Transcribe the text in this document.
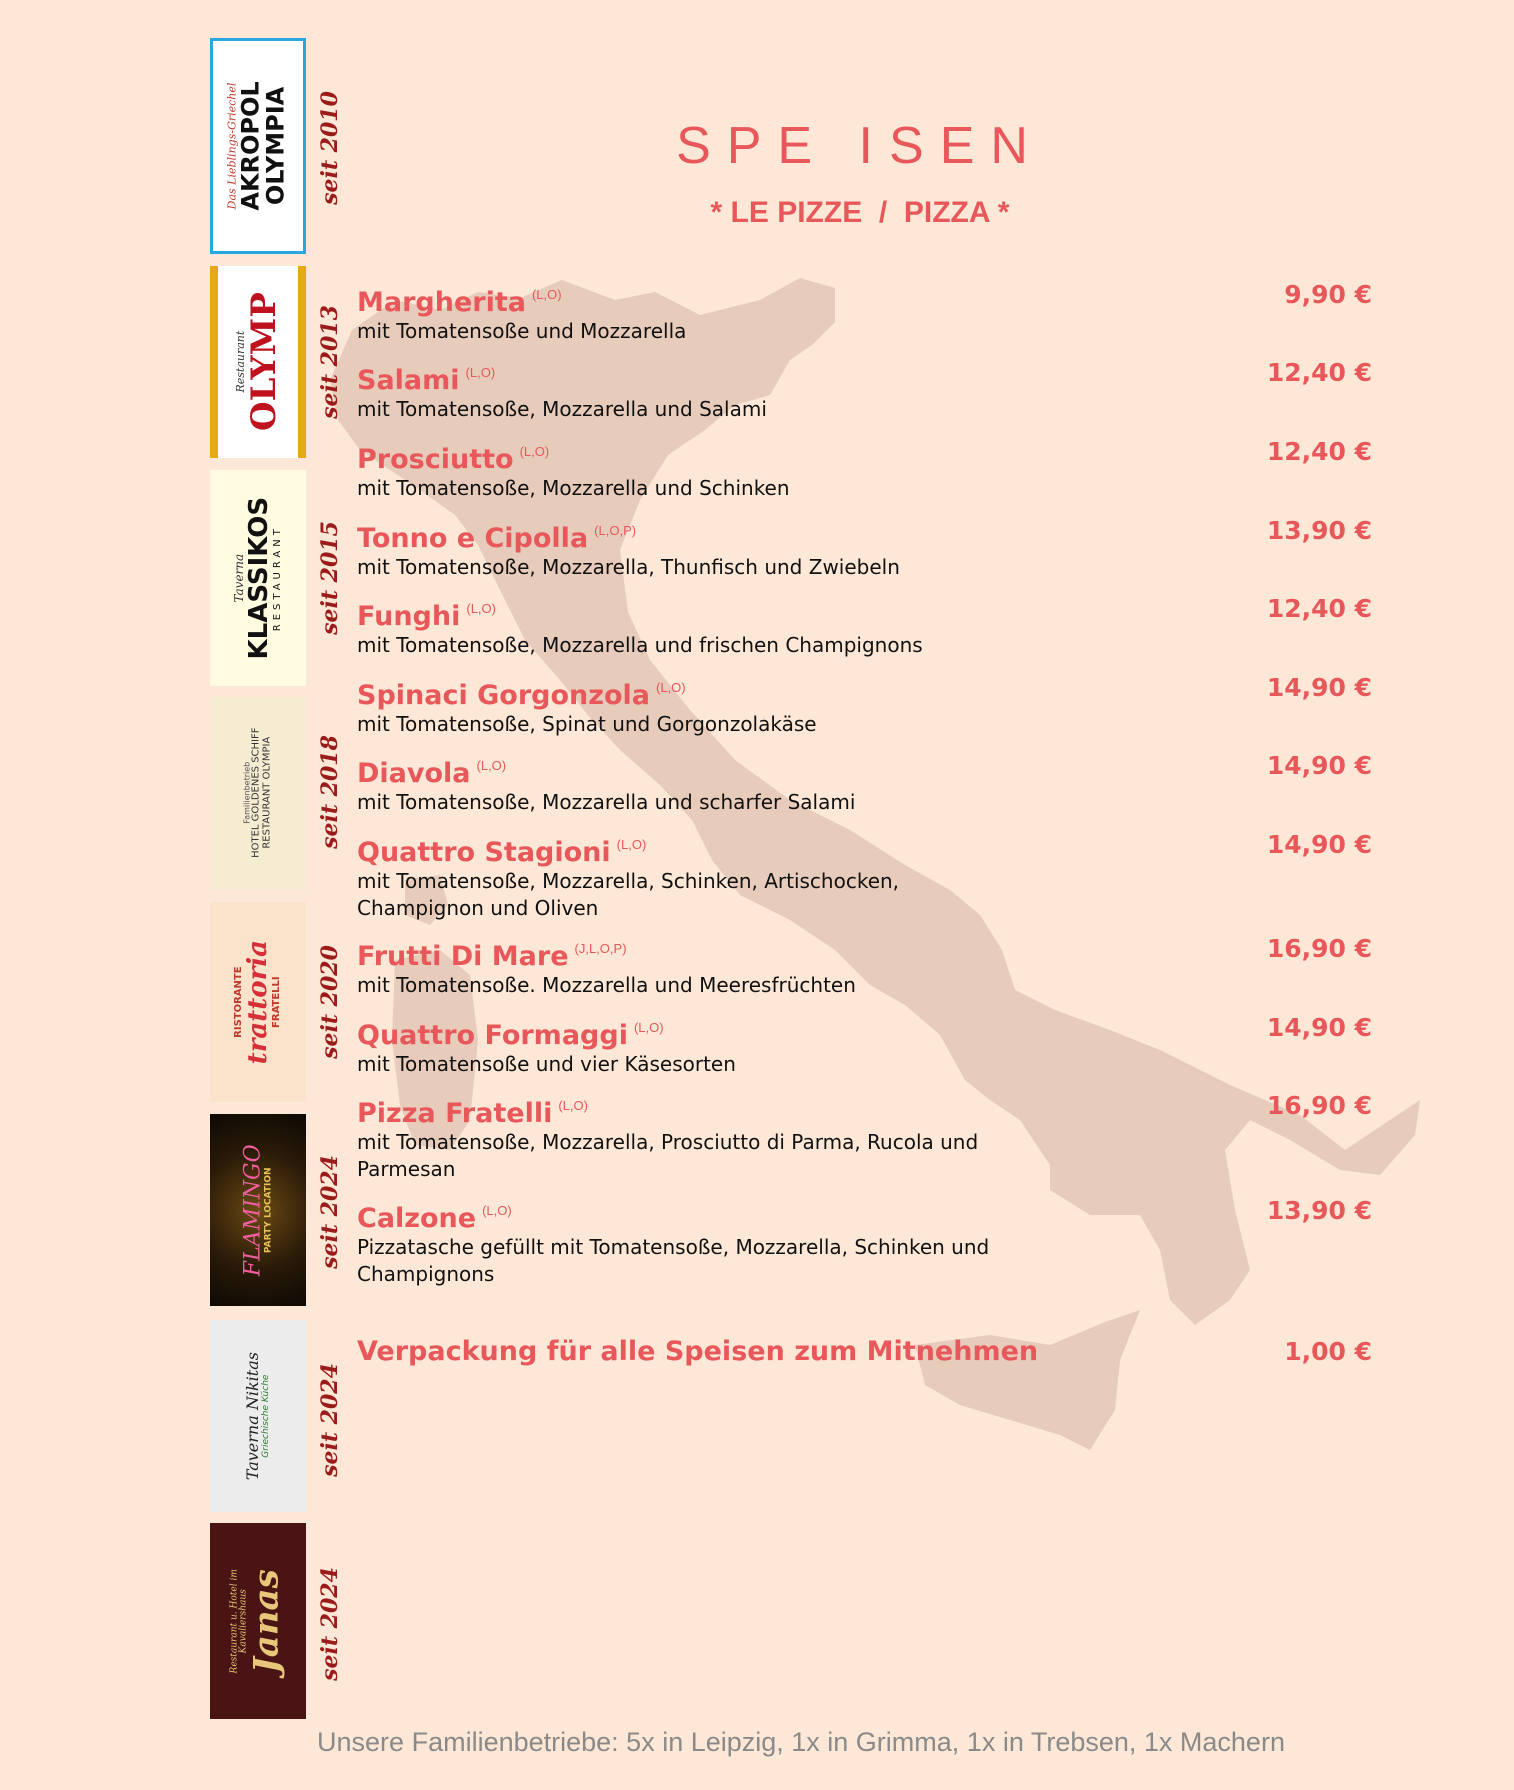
Das Lieblings-Griechel
AKROPOL
OLYMPIA seit 2010
Restaurant
OLYMP seit 2013
Taverna
KLASSIKOS
RESTAURANT seit 2015
Familienbetrieb HOTEL GOLDENES SCHIFF RESTAURANT OLYMPIA seit 2018
RISTORANTE
trattoria
FRATELLI seit 2020
FLAMINGO
PARTY LOCATION seit 2024
Taverna Nikitas
Griechische Küche seit 2024
Restaurant u. Hotel im Kavaliershaus
Janas seit 2024
SPE ISEN
* LE PIZZE  /  PIZZA *
Margherita $^{(L,O)}$	9,90 €
mit Tomatensoße und Mozzarella
Salami $^{(L,O)}$	12,40 €
mit Tomatensoße, Mozzarella und Salami
Prosciutto $^{(L,O)}$	12,40 €
mit Tomatensoße, Mozzarella und Schinken
Tonno e Cipolla $^{(L,O,P)}$	13,90 €
mit Tomatensoße, Mozzarella, Thunfisch und Zwiebeln
Funghi $^{(L,O)}$	12,40 €
mit Tomatensoße, Mozzarella und frischen Champignons
Spinaci Gorgonzola $^{(L,O)}$	14,90 €
mit Tomatensoße, Spinat und Gorgonzolakäse
Diavola $^{(L,O)}$	14,90 €
mit Tomatensoße, Mozzarella und scharfer Salami
Quattro Stagioni $^{(L,O)}$	14,90 €
mit Tomatensoße, Mozzarella, Schinken, Artischocken, Champignon und Oliven
Frutti Di Mare $^{(J,L,O,P)}$	16,90 €
mit Tomatensoße. Mozzarella und Meeresfrüchten
Quattro Formaggi $^{(L,O)}$	14,90 €
mit Tomatensoße und vier Käsesorten
Pizza Fratelli $^{(L,O)}$	16,90 €
mit Tomatensoße, Mozzarella, Prosciutto di Parma, Rucola und Parmesan
Calzone $^{(L,O)}$	13,90 €
Pizzatasche gefüllt mit Tomatensoße, Mozzarella, Schinken und Champignons
Verpackung für alle Speisen zum Mitnehmen	1,00 €
Unsere Familienbetriebe: 5x in Leipzig, 1x in Grimma, 1x in Trebsen, 1x Machern
